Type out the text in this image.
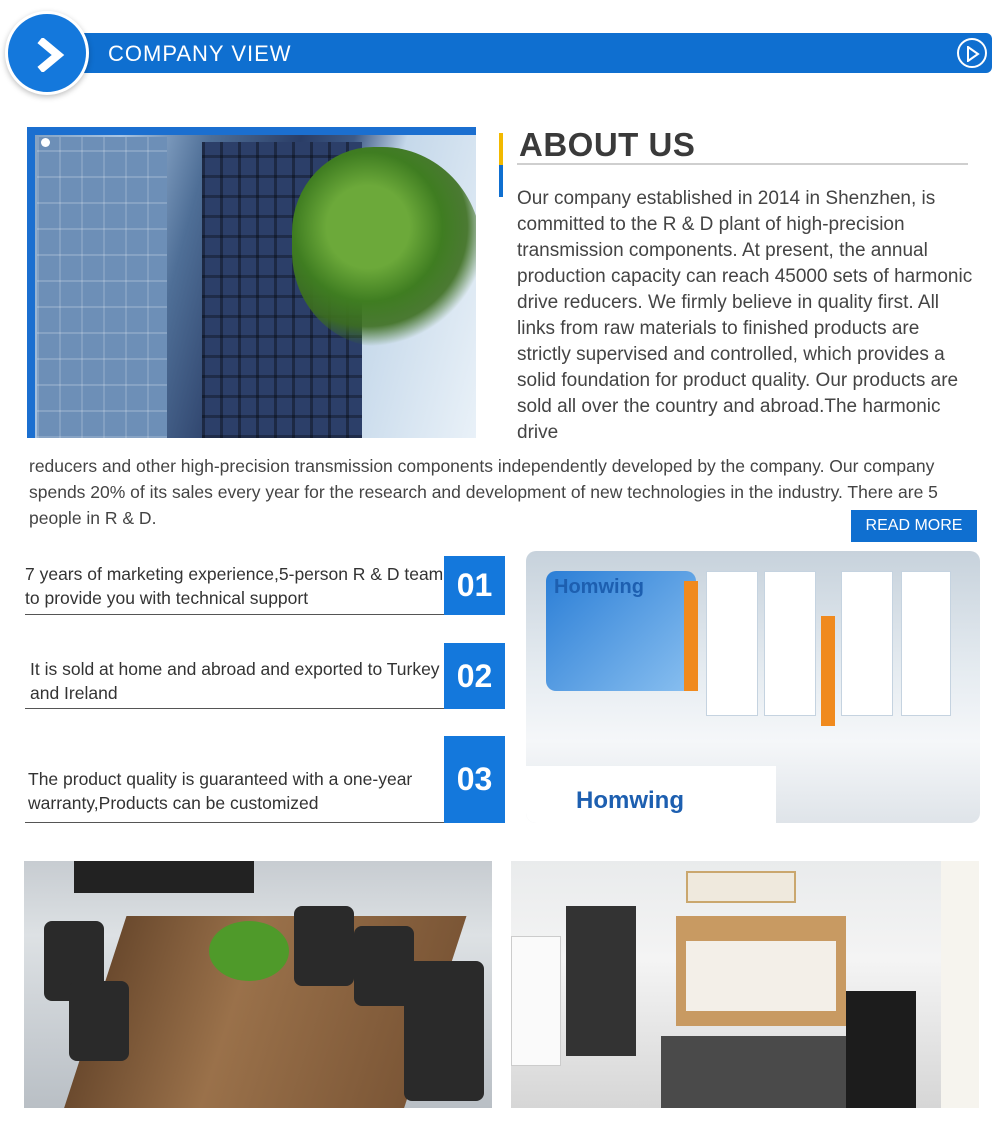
COMPANY VIEW
ABOUT US

Our company established in 2014 in Shenzhen, is committed to the R & D plant of high-precision transmission components. At present, the annual production capacity can reach 45000 sets of harmonic drive reducers. We firmly believe in quality first. All links from raw materials to finished products are strictly supervised and controlled, which provides a solid foundation for product quality. Our products are sold all over the country and abroad.The harmonic drive

reducers and other high-precision transmission components independently developed by the company. Our company spends 20% of its sales every year for the research and development of new technologies in the industry. There are 5 people in R & D.	READ MORE
7 years of marketing experience,5-person R & D team to provide you with technical support	01
It is sold at home and abroad and exported to Turkey and Ireland	02
The product quality is guaranteed with a one-year warranty,Products can be customized
03
Homwing
Homwing
